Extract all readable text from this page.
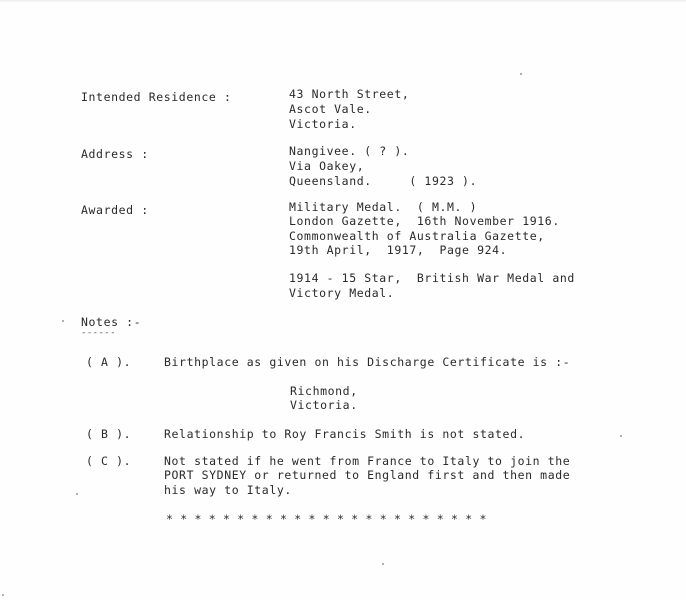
Intended Residence :	43 North Street,
Ascot Vale.
Victoria.
Address :	Nangivee. ( ? ).
Via Oakey,
Queensland.     ( 1923 ).
Awarded :	Military Medal.  ( M.M. )
London Gazette,  16th November 1916.
Commonwealth of Australia Gazette,
19th April,  1917,  Page 924.
1914 - 15 Star,  British War Medal and
Victory Medal.
Notes :-
------
( A ).	Birthplace as given on his Discharge Certificate is :-
Richmond,
Victoria.
( B ).	Relationship to Roy Francis Smith is not stated.
( C ).	Not stated if he went from France to Italy to join the
PORT SYDNEY or returned to England first and then made
his way to Italy.
* * * * * * * * * * * * * * * * * * * * * * *
